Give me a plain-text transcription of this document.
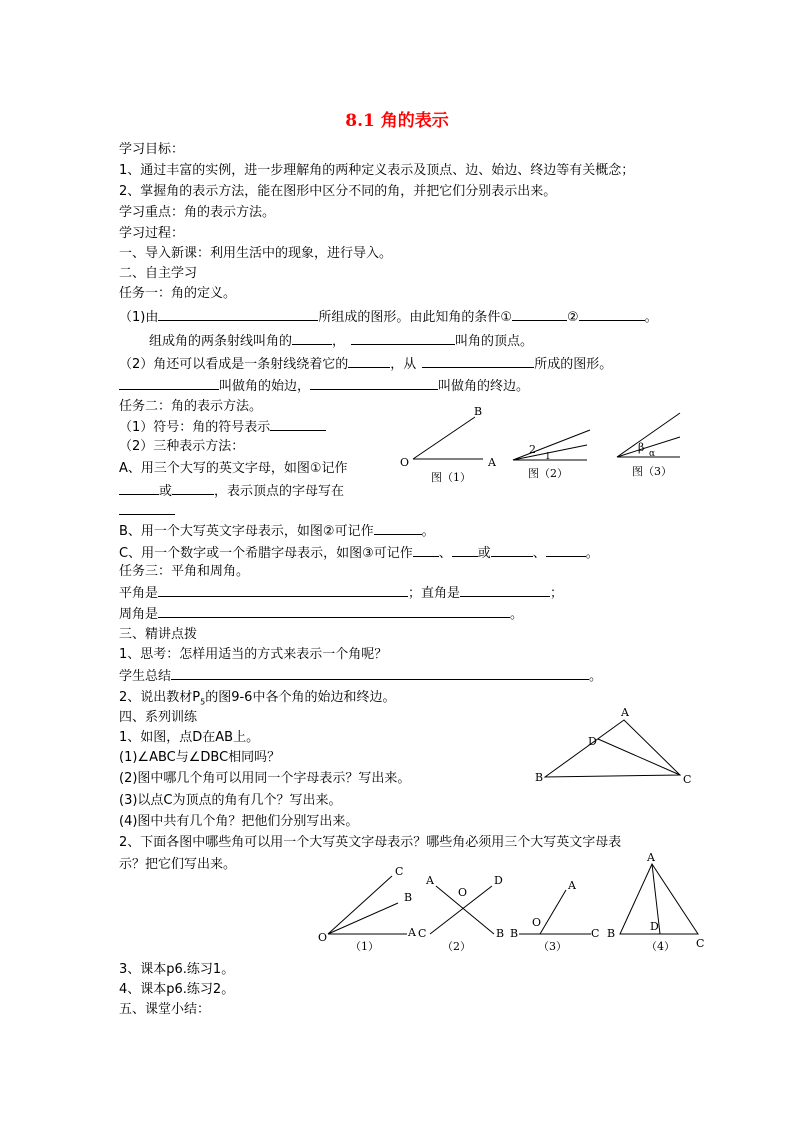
8.1 角的表示
学习目标：
1、通过丰富的实例，进一步理解角的两种定义表示及顶点、边、始边、终边等有关概念；
2、掌握角的表示方法，能在图形中区分不同的角，并把它们分别表示出来。
学习重点：角的表示方法。
学习过程：
一、导入新课：利用生活中的现象，进行导入。
二、自主学习
任务一：角的定义。
（1)由	所组成的图形。由此知角的条件①	②	。
组成角的两条射线叫角的	，	叫角的顶点。
（2）角还可以看成是一条射线绕着它的	，从	所成的图形。
叫做角的始边，	叫做角的终边。
任务二：角的表示方法。
（1）符号：角的符号表示
（2）三种表示方法：
A、用三个大写的英文字母，如图①记作
或	，表示顶点的字母写在
B、用一个大写英文字母表示，如图②可记作	。
C、用一个数字或一个希腊字母表示，如图③可记作 、 或	、	。
任务三：平角和周角。
平角是	；直角是	；
周角是	。
三、精讲点拨
1、思考：怎样用适当的方式来表示一个角呢？
学生总结	。
2、说出教材$P_5$的图9-6中各个角的始边和终边。
四、系列训练
1、如图，点D在AB上。
(1)∠ABC与∠DBC相同吗？
(2)图中哪几个角可以用同一个字母表示？写出来。
(3)以点C为顶点的角有几个？写出来。
(4)图中共有几个角？把他们分别写出来。
2、下面各图中哪些角可以用一个大写英文字母表示？哪些角必须用三个大写英文字母表
示？把它们写出来。
3、课本p6.练习1。
4、课本p6.练习2。
五、课堂小结：
B
O	A
图（1）
2
1
图（2）
β α
图（3）
A
D
B	C
C
B
O	A
（1）
A
O
D
C	B
（2）
A
O
B	C
（3）
A
D
B
C
（4）
